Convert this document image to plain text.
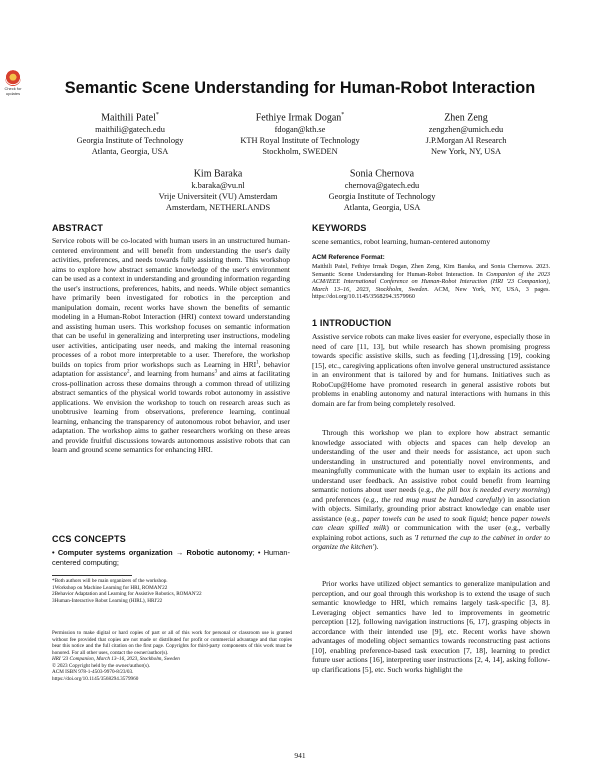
Check for updates	Semantic Scene Understanding for Human-Robot Interaction
Maithili Patel*
maithili@gatech.edu
Georgia Institute of Technology
Atlanta, Georgia, USA
Fethiye Irmak Dogan*
fdogan@kth.se
KTH Royal Institute of Technology
Stockholm, SWEDEN
Zhen Zeng
zengzhen@umich.edu
J.P.Morgan AI Research
New York, NY, USA
Kim Baraka
k.baraka@vu.nl
Vrije Universiteit (VU) Amsterdam
Amsterdam, NETHERLANDS
Sonia Chernova
chernova@gatech.edu
Georgia Institute of Technology
Atlanta, Georgia, USA
ABSTRACT

Service robots will be co-located with human users in an unstructured human-centered environment and will benefit from understanding the user's daily activities, preferences, and needs towards fully assisting them. This workshop aims to explore how abstract semantic knowledge of the user's environment can be used as a context in understanding and grounding information regarding the user's instructions, preferences, habits, and needs. While object semantics have primarily been investigated for robotics in the perception and manipulation domain, recent works have shown the benefits of semantic modeling in a Human-Robot Interaction (HRI) context toward understanding and assisting human users. This workshop focuses on semantic information that can be useful in generalizing and interpreting user instructions, modeling user activities, anticipating user needs, and making the internal reasoning processes of a robot more interpretable to a user. Therefore, the workshop builds on topics from prior workshops such as Learning in HRI$^1$, behavior adaptation for assistance$^2$, and learning from humans$^3$ and aims at facilitating cross-pollination across these domains through a common thread of utilizing abstract semantics of the physical world towards robot autonomy in assistive applications. We envision the workshop to touch on research areas such as unobtrusive learning from observations, preference learning, continual learning, enhancing the transparency of autonomous robot behavior, and user adaptation. The workshop aims to gather researchers working on these areas and provide fruitful discussions towards autonomous assistive robots that can learn and ground scene semantics for enhancing HRI.

CCS CONCEPTS

• Computer systems organization → Robotic autonomy; • Human-centered computing;

*Both authors will be main organizers of the workshop.
1Workshop on Machine Learning for HRI, ROMAN'22
2Behavior Adaptation and Learning for Assistive Robotics, ROMAN'22
3Human-Interactive Robot Learning (HIRL), HRI'22
Permission to make digital or hard copies of part or all of this work for personal or classroom use is granted without fee provided that copies are not made or distributed for profit or commercial advantage and that copies bear this notice and the full citation on the first page. Copyrights for third-party components of this work must be honored. For all other uses, contact the owner/author(s).
HRI '23 Companion, March 13–16, 2023, Stockholm, Sweden
© 2023 Copyright held by the owner/author(s).
ACM ISBN 978-1-4503-9970-8/23/03.
https://doi.org/10.1145/3568294.3579960
KEYWORDS

scene semantics, robot learning, human-centered autonomy

ACM Reference Format:

Maithili Patel, Fethiye Irmak Dogan, Zhen Zeng, Kim Baraka, and Sonia Chernova. 2023. Semantic Scene Understanding for Human-Robot Interaction. In Companion of the 2023 ACM/IEEE International Conference on Human-Robot Interaction (HRI '23 Companion), March 13–16, 2023, Stockholm, Sweden. ACM, New York, NY, USA, 3 pages. https://doi.org/10.1145/3568294.3579960

1 INTRODUCTION

Assistive service robots can make lives easier for everyone, especially those in need of care [11, 13], but while research has shown promising progress towards specific assistive skills, such as feeding [1],dressing [19], cooking [15], etc., caregiving applications often involve general unstructured assistance in an environment that is tailored by and for humans. Initiatives such as RoboCup@Home have promoted research in general assistive robots but problems in enabling autonomy and natural interactions with humans in this domain are far from being completely resolved.

Through this workshop we plan to explore how abstract semantic knowledge associated with objects and spaces can help develop an understanding of the user and their needs for assistance, act upon such understanding in unstructured and potentially novel environments, and meaningfully communicate with the human user to explain its actions and understand user feedback. An assistive robot could benefit from learning semantic notions about user needs (e.g., the pill box is needed every morning) and preferences (e.g., the red mug must be handled carefully) in association with objects. Similarly, grounding prior abstract knowledge can enable user assistance (e.g., paper towels can be used to soak liquid; hence paper towels can clean spilled milk) or communication with the user (e.g., verbally explaining robot actions, such as 'I returned the cup to the cabinet in order to organize the kitchen').

Prior works have utilized object semantics to generalize manipulation and perception, and our goal through this workshop is to extend the usage of such semantic knowledge to HRI, which remains largely task-specific [3, 8]. Leveraging object semantics have led to improvements in geometric perception [12], following navigation instructions [6, 17], grasping objects in accordance with their intended use [9], etc. Recent works have shown advantages of modeling object semantics towards reconstructing past actions [10], enabling preference-based task execution [7, 18], learning to predict future user actions [16], interpreting user instructions [2, 4, 14], asking follow-up clarifications [5], etc. Such works highlight the

941
